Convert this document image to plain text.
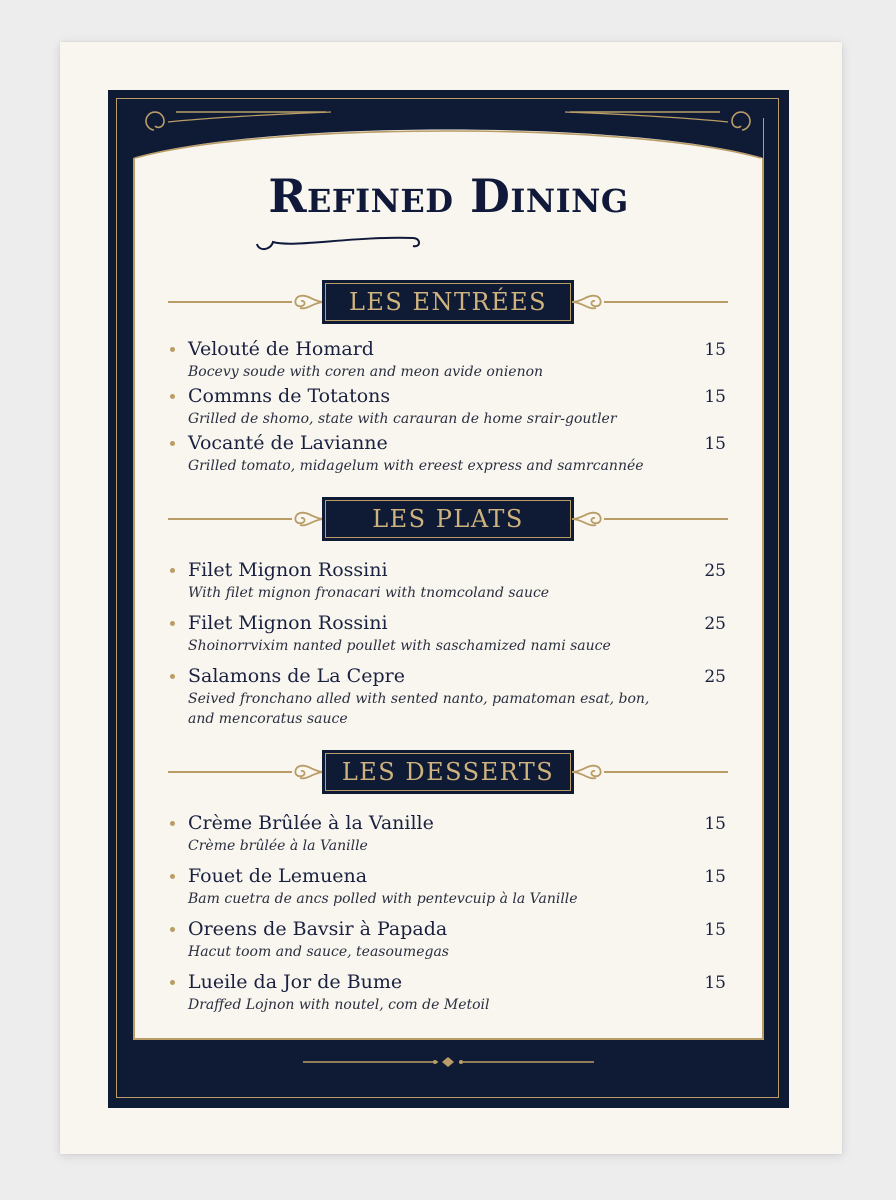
Refined Dining
LES ENTRÉES
Velouté de Homard
Bocevy soude with coren and meon avide onienon
15
Commns de Totatons
Grilled de shomo, state with carauran de home srair-goutler
15
Vocanté de Lavianne
Grilled tomato, midagelum with ereest express and samrcannée
15
LES PLATS
Filet Mignon Rossini
With filet mignon fronacari with tnomcoland sauce
25
Filet Mignon Rossini
Shoinorrvixim nanted poullet with saschamized nami sauce
25
Salamons de La Cepre
Seived fronchano alled with sented nanto, pamatoman esat, bon, and mencoratus sauce
25
LES DESSERTS
Crème Brûlée à la Vanille
Crème brûlée à la Vanille
15
Fouet de Lemuena
Bam cuetra de ancs polled with pentevcuip à la Vanille
15
Oreens de Bavsir à Papada
Hacut toom and sauce, teasoumegas
15
Lueile da Jor de Bume
Draffed Lojnon with noutel, com de Metoil
15
